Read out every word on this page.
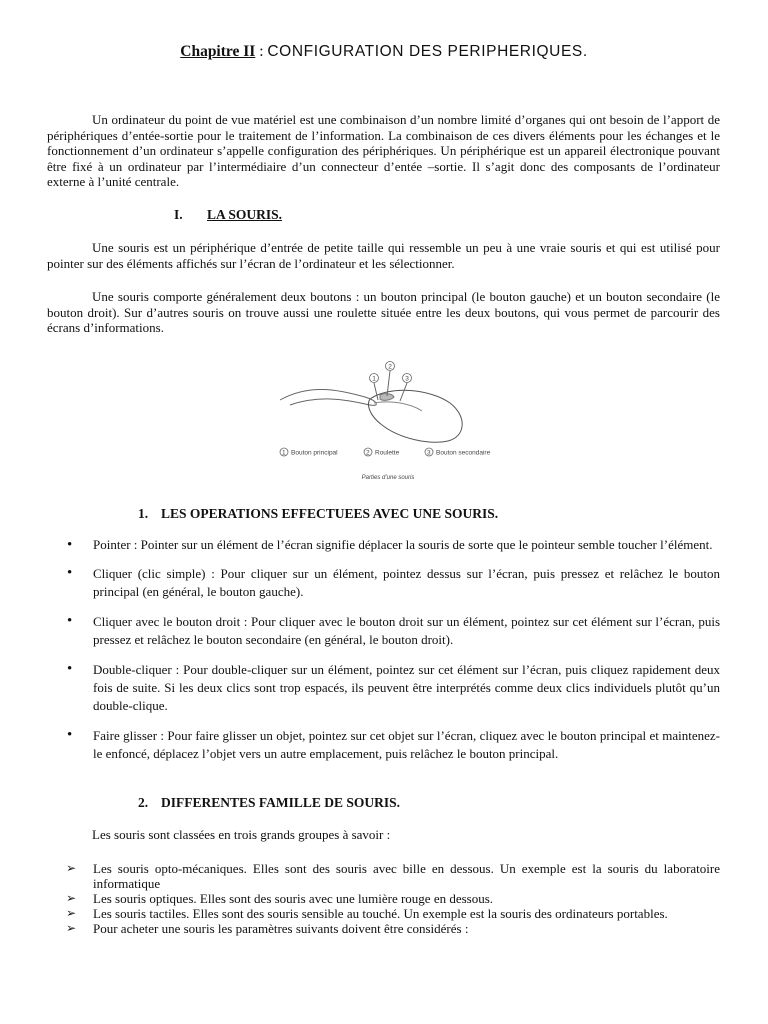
Chapitre II : CONFIGURATION DES PERIPHERIQUES.

Un ordinateur du point de vue matériel est une combinaison d’un nombre limité d’organes qui ont besoin de l’apport de périphériques d’entée-sortie pour le traitement de l’information. La combinaison de ces divers éléments pour les échanges et le fonctionnement d’un ordinateur s’appelle configuration des périphériques. Un périphérique est un appareil électronique pouvant être fixé à un ordinateur par l’intermédiaire d’un connecteur d’entée –sortie. Il s’agit donc des composants de l’ordinateur externe à l’unité centrale.

I. LA SOURIS.

Une souris est un périphérique d’entrée de petite taille qui ressemble un peu à une vraie souris et qui est utilisé pour pointer sur des éléments affichés sur l’écran de l’ordinateur et les sélectionner.

Une souris comporte généralement deux boutons : un bouton principal (le bouton gauche) et un bouton secondaire (le bouton droit). Sur d’autres souris on trouve aussi une roulette située entre les deux boutons, qui vous permet de parcourir des écrans d’informations.

1
2
3
1 Bouton principal	2 Roulette	3 Bouton secondaire
Parties d’une souris
1. LES OPERATIONS EFFECTUEES AVEC UNE SOURIS.
• Pointer : Pointer sur un élément de l’écran signifie déplacer la souris de sorte que le pointeur semble toucher l’élément.
• Cliquer (clic simple) : Pour cliquer sur un élément, pointez dessus sur l’écran, puis pressez et relâchez le bouton principal (en général, le bouton gauche).
• Cliquer avec le bouton droit : Pour cliquer avec le bouton droit sur un élément, pointez sur cet élément sur l’écran, puis pressez et relâchez le bouton secondaire (en général, le bouton droit).
• Double-cliquer : Pour double-cliquer sur un élément, pointez sur cet élément sur l’écran, puis cliquez rapidement deux fois de suite. Si les deux clics sont trop espacés, ils peuvent être interprétés comme deux clics individuels plutôt qu’un double-clique.
• Faire glisser : Pour faire glisser un objet, pointez sur cet objet sur l’écran, cliquez avec le bouton principal et maintenez-le enfoncé, déplacez l’objet vers un autre emplacement, puis relâchez le bouton principal.
2. DIFFERENTES FAMILLE DE SOURIS.

Les souris sont classées en trois grands groupes à savoir :

➢ Les souris opto-mécaniques. Elles sont des souris avec bille en dessous. Un exemple est la souris du laboratoire informatique
➢ Les souris optiques. Elles sont des souris avec une lumière rouge en dessous.
➢ Les souris tactiles. Elles sont des souris sensible au touché. Un exemple est la souris des ordinateurs portables.
➢ Pour acheter une souris les paramètres suivants doivent être considérés :
